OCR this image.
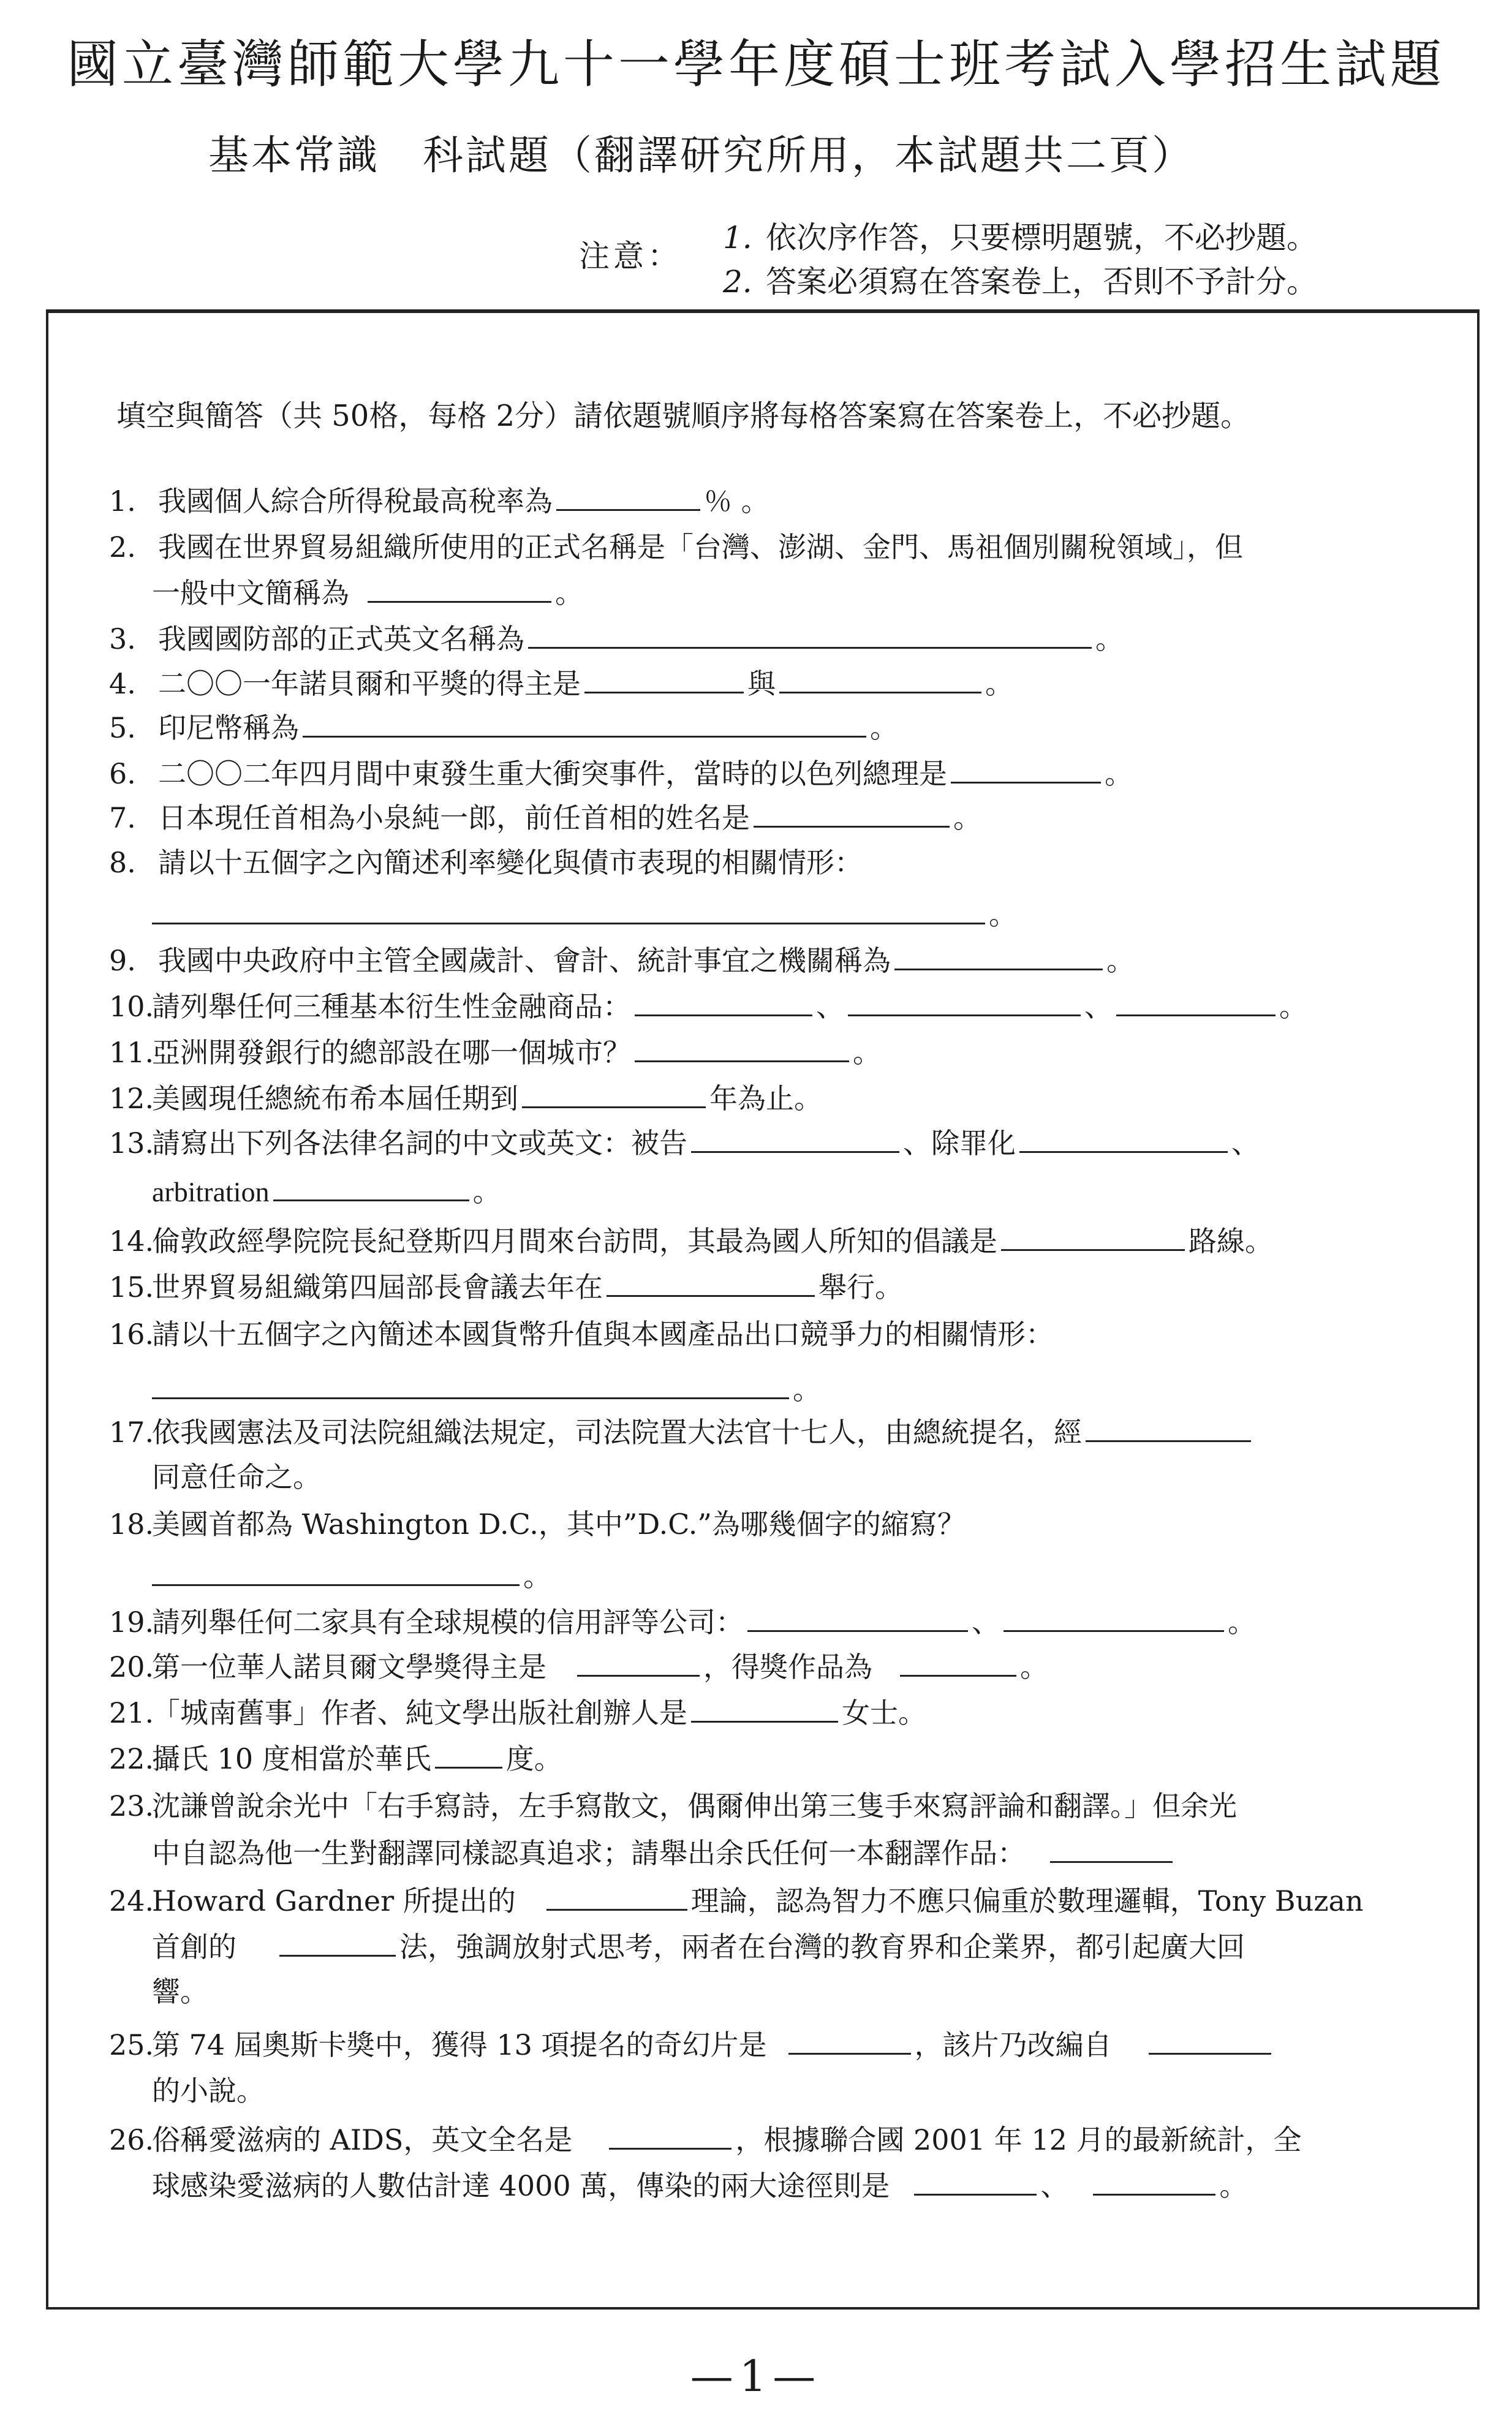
國立臺灣師範大學九十一學年度碩士班考試入學招生試題
基本常識　科試題（翻譯研究所用，本試題共二頁）
注意：
1. 依次序作答，只要標明題號，不必抄題。
2. 答案必須寫在答案卷上，否則不予計分。
填空與簡答（共 50格，每格 2分）請依題號順序將每格答案寫在答案卷上，不必抄題。
1. 我國個人綜合所得稅最高稅率為	％ 。
2. 我國在世界貿易組織所使用的正式名稱是「台灣、澎湖、金門、馬祖個別關稅領域」，但
一般中文簡稱為	。
3. 我國國防部的正式英文名稱為	。
4. 二〇〇一年諾貝爾和平獎的得主是	與	。
5. 印尼幣稱為	。
6. 二〇〇二年四月間中東發生重大衝突事件，當時的以色列總理是	。
7. 日本現任首相為小泉純一郎，前任首相的姓名是	。
8. 請以十五個字之內簡述利率變化與債市表現的相關情形：
。
9. 我國中央政府中主管全國歲計、會計、統計事宜之機關稱為	。
10.請列舉任何三種基本衍生性金融商品：	、	、	。
11.亞洲開發銀行的總部設在哪一個城市？	。
12.美國現任總統布希本屆任期到	年為止。
13.請寫出下列各法律名詞的中文或英文：被告	、除罪化	、
arbitration	。
14.倫敦政經學院院長紀登斯四月間來台訪問，其最為國人所知的倡議是	路線。
15.世界貿易組織第四屆部長會議去年在	舉行。
16.請以十五個字之內簡述本國貨幣升值與本國產品出口競爭力的相關情形：
。
17.依我國憲法及司法院組織法規定，司法院置大法官十七人，由總統提名，經
同意任命之。
18.美國首都為 Washington D.C.，其中”D.C.”為哪幾個字的縮寫？
。
19.請列舉任何二家具有全球規模的信用評等公司：	、	。
20.第一位華人諾貝爾文學獎得主是	，得獎作品為	。
21.「城南舊事」作者、純文學出版社創辦人是	女士。
22.攝氏 10 度相當於華氏	度。
23.沈謙曾說余光中「右手寫詩，左手寫散文，偶爾伸出第三隻手來寫評論和翻譯。」但余光
中自認為他一生對翻譯同樣認真追求；請舉出余氏任何一本翻譯作品：
24.Howard Gardner 所提出的	理論，認為智力不應只偏重於數理邏輯，Tony Buzan
首創的	法，強調放射式思考，兩者在台灣的教育界和企業界，都引起廣大回
響。
25.第 74 屆奧斯卡獎中，獲得 13 項提名的奇幻片是	，該片乃改編自
的小說。
26.俗稱愛滋病的 AIDS，英文全名是	，根據聯合國 2001 年 12 月的最新統計，全
球感染愛滋病的人數估計達 4000 萬，傳染的兩大途徑則是	、	。
—1—
